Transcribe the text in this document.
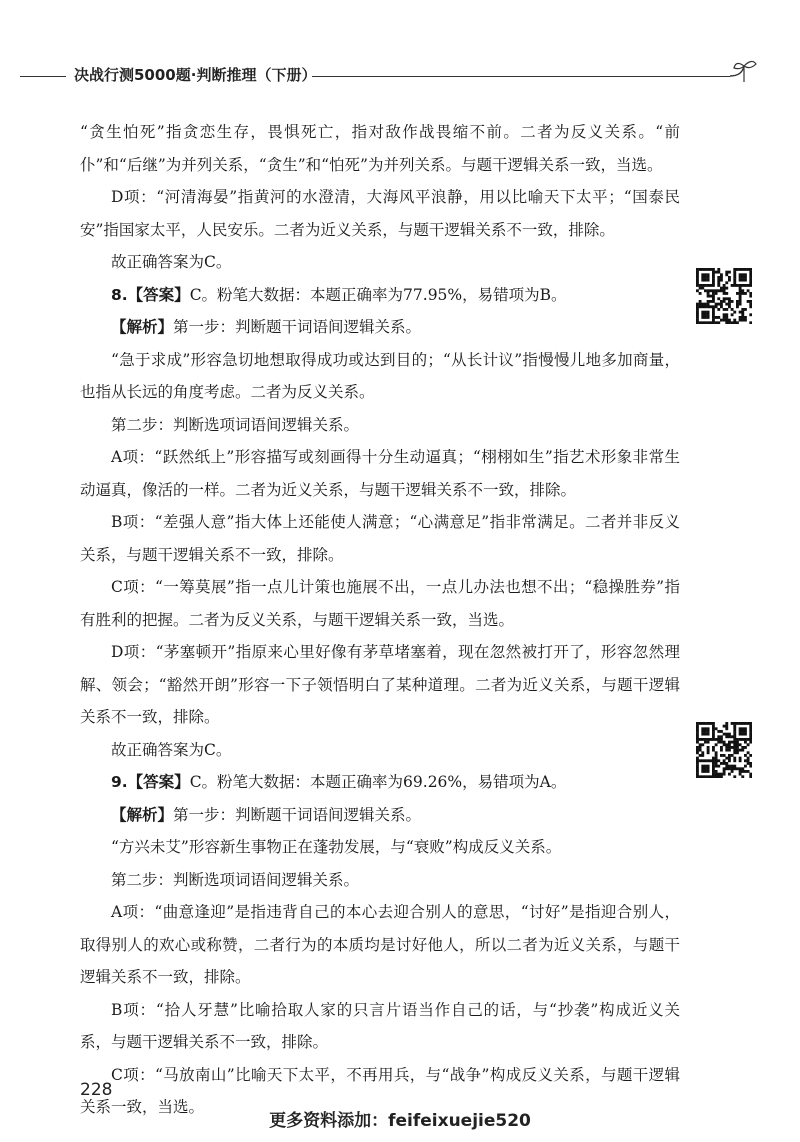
决战行测5000题·判断推理（下册）

“贪生怕死”指贪恋生存，畏惧死亡，指对敌作战畏缩不前。二者为反义关系。“前仆”和“后继”为并列关系，“贪生”和“怕死”为并列关系。与题干逻辑关系一致，当选。

D项：“河清海晏”指黄河的水澄清，大海风平浪静，用以比喻天下太平；“国泰民安”指国家太平，人民安乐。二者为近义关系，与题干逻辑关系不一致，排除。

故正确答案为C。

8.【答案】C。粉笔大数据：本题正确率为77.95%，易错项为B。

【解析】第一步：判断题干词语间逻辑关系。

“急于求成”形容急切地想取得成功或达到目的；“从长计议”指慢慢儿地多加商量，也指从长远的角度考虑。二者为反义关系。

第二步：判断选项词语间逻辑关系。

A项：“跃然纸上”形容描写或刻画得十分生动逼真；“栩栩如生”指艺术形象非常生动逼真，像活的一样。二者为近义关系，与题干逻辑关系不一致，排除。

B项：“差强人意”指大体上还能使人满意；“心满意足”指非常满足。二者并非反义关系，与题干逻辑关系不一致，排除。

C项：“一筹莫展”指一点儿计策也施展不出，一点儿办法也想不出；“稳操胜券”指有胜利的把握。二者为反义关系，与题干逻辑关系一致，当选。

D项：“茅塞顿开”指原来心里好像有茅草堵塞着，现在忽然被打开了，形容忽然理解、领会；“豁然开朗”形容一下子领悟明白了某种道理。二者为近义关系，与题干逻辑关系不一致，排除。

故正确答案为C。

9.【答案】C。粉笔大数据：本题正确率为69.26%，易错项为A。

【解析】第一步：判断题干词语间逻辑关系。

“方兴未艾”形容新生事物正在蓬勃发展，与“衰败”构成反义关系。

第二步：判断选项词语间逻辑关系。

A项：“曲意逢迎”是指违背自己的本心去迎合别人的意思，“讨好”是指迎合别人，取得别人的欢心或称赞，二者行为的本质均是讨好他人，所以二者为近义关系，与题干逻辑关系不一致，排除。

B项：“拾人牙慧”比喻拾取人家的只言片语当作自己的话，与“抄袭”构成近义关系，与题干逻辑关系不一致，排除。

C项：“马放南山”比喻天下太平，不再用兵，与“战争”构成反义关系，与题干逻辑关系一致，当选。

228
更多资料添加：feifeixuejie520
